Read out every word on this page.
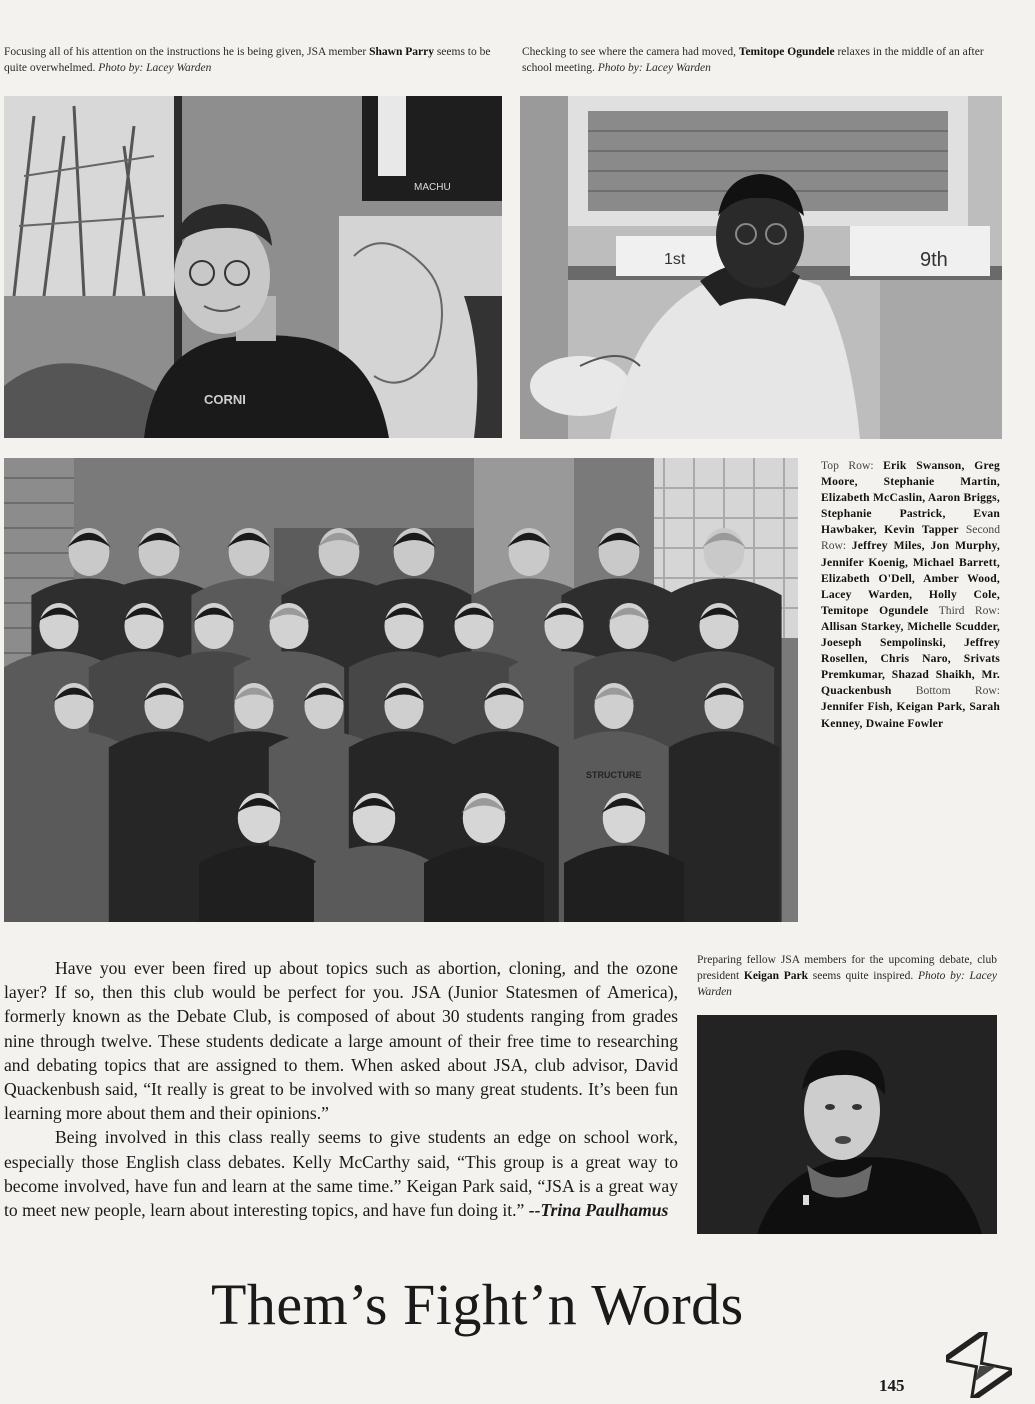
Focusing all of his attention on the instructions he is being given, JSA member Shawn Parry seems to be quite overwhelmed. Photo by: Lacey Warden
Checking to see where the camera had moved, Temitope Ogundele relaxes in the middle of an after school meeting. Photo by: Lacey Warden
MACHU
CORNI
1st	9th
STRUCTURE
Top Row: Erik Swanson, Greg Moore, Stephanie Martin, Elizabeth McCaslin, Aaron Briggs, Stephanie Pastrick, Evan Hawbaker, Kevin Tapper Second Row: Jeffrey Miles, Jon Murphy, Jennifer Koenig, Michael Barrett, Elizabeth O'Dell, Amber Wood, Lacey Warden, Holly Cole, Temitope Ogundele Third Row: Allisan Starkey, Michelle Scudder, Joeseph Sempolinski, Jeffrey Rosellen, Chris Naro, Srivats Premkumar, Shazad Shaikh, Mr. Quackenbush Bottom Row: Jennifer Fish, Keigan Park, Sarah Kenney, Dwaine Fowler
Preparing fellow JSA members for the upcoming debate, club president Keigan Park seems quite inspired. Photo by: Lacey Warden

Have you ever been fired up about topics such as abortion, cloning, and the ozone layer? If so, then this club would be perfect for you. JSA (Junior Statesmen of America), formerly known as the Debate Club, is composed of about 30 students ranging from grades nine through twelve. These students dedicate a large amount of their free time to researching and debating topics that are assigned to them. When asked about JSA, club advisor, David Quackenbush said, “It really is great to be involved with so many great students. It’s been fun learning more about them and their opinions.”

Being involved in this class really seems to give students an edge on school work, especially those English class debates. Kelly McCarthy said, “This group is a great way to become involved, have fun and learn at the same time.” Keigan Park said, “JSA is a great way to meet new people, learn about interesting topics, and have fun doing it.” --Trina Paulhamus

Them’s Fight’n Words
145
